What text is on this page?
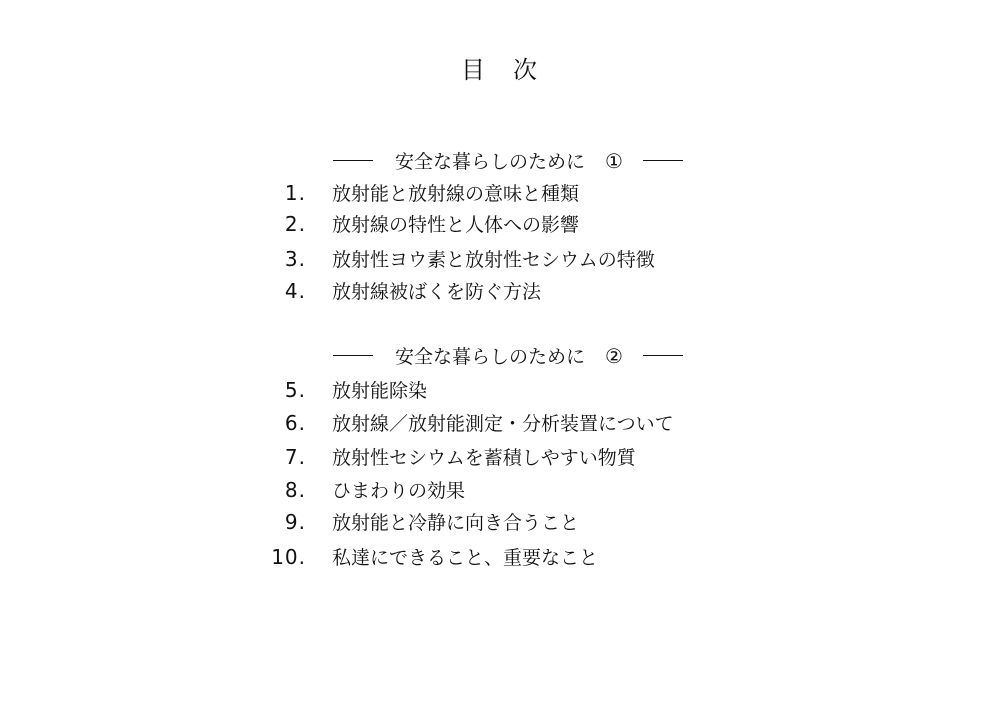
目　次
安全な暮らしのために ①
1. 放射能と放射線の意味と種類
2. 放射線の特性と人体への影響
3. 放射性ヨウ素と放射性セシウムの特徴
4. 放射線被ばくを防ぐ方法
安全な暮らしのために ②
5. 放射能除染
6. 放射線／放射能測定・分析装置について
7. 放射性セシウムを蓄積しやすい物質
8. ひまわりの効果
9. 放射能と冷静に向き合うこと
10. 私達にできること、重要なこと
